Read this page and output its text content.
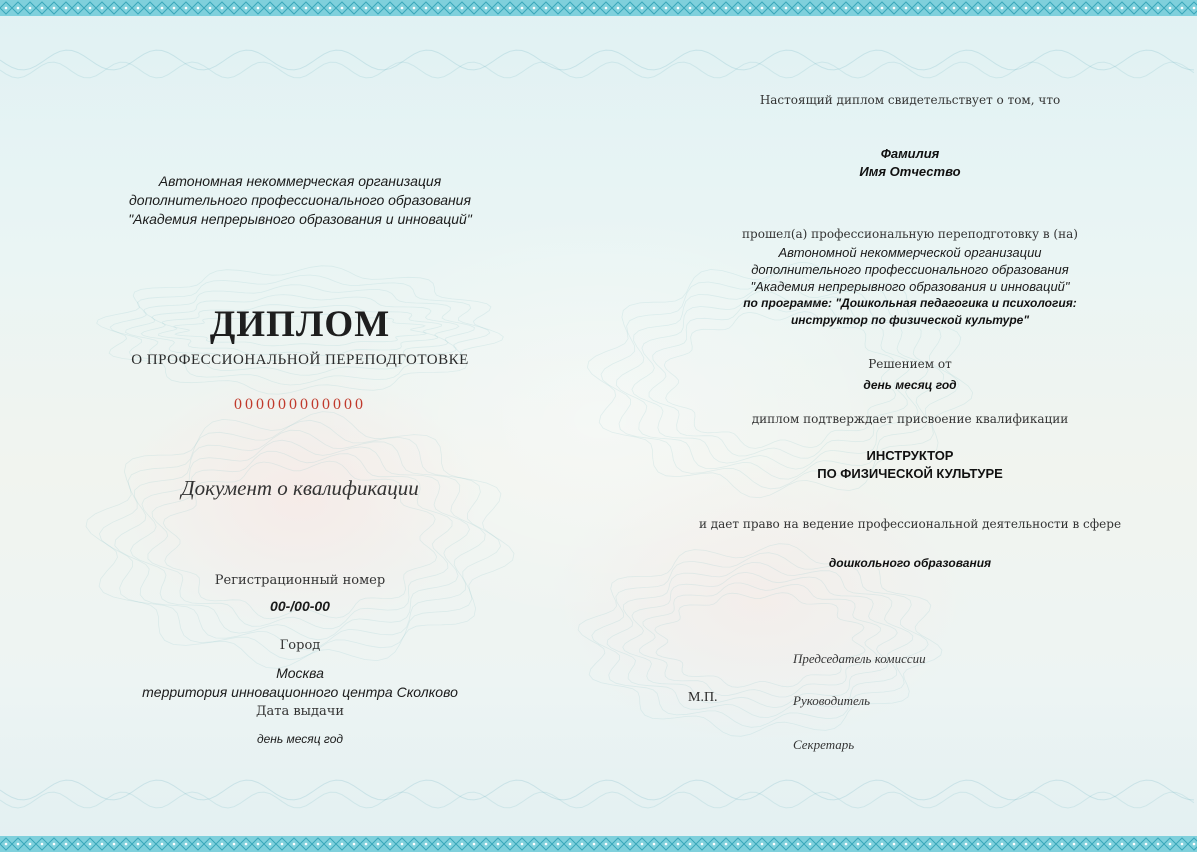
Автономная некоммерческая организация
дополнительного профессионального образования
"Академия непрерывного образования и инноваций"
ДИПЛОМ
О ПРОФЕССИОНАЛЬНОЙ ПЕРЕПОДГОТОВКЕ
000000000000
Документ о квалификации
Регистрационный номер
00-/00-00
Город
Москва
территория инновационного центра Сколково
Дата выдачи
день месяц год
Настоящий диплом свидетельствует о том, что
Фамилия
Имя Отчество
прошел(а) профессиональную переподготовку в (на)
Автономной некоммерческой организации
дополнительного профессионального образования
"Академия непрерывного образования и инноваций"
по программе: "Дошкольная педагогика и психология:
инструктор по физической культуре"
Решением от
день месяц год
диплом подтверждает присвоение квалификации
ИНСТРУКТОР
ПО ФИЗИЧЕСКОЙ КУЛЬТУРЕ
и дает право на ведение профессиональной деятельности в сфере
дошкольного образования
М.П.
Председатель комиссии
Руководитель
Секретарь
